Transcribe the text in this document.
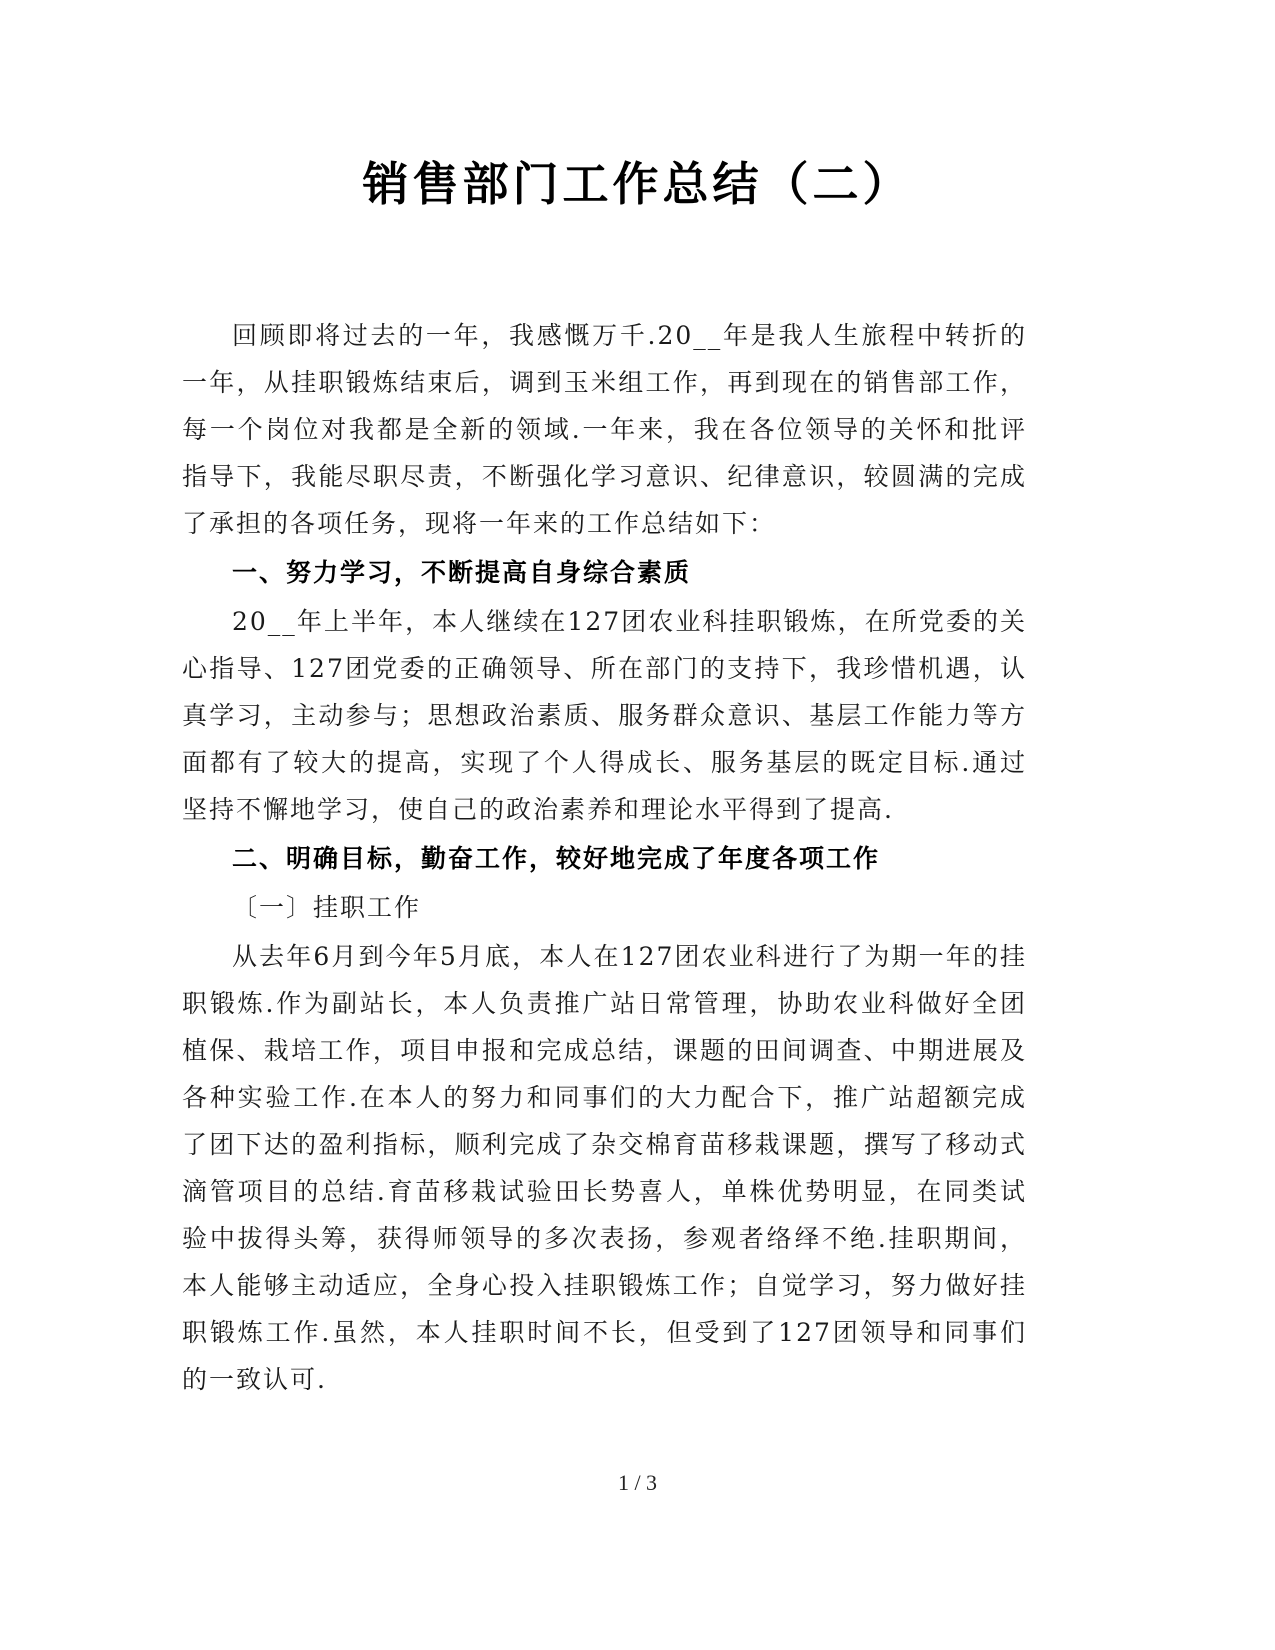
销售部门工作总结（二）

回顾即将过去的一年，我感慨万千.20__年是我人生旅程中转折的一年，从挂职锻炼结束后，调到玉米组工作，再到现在的销售部工作，每一个岗位对我都是全新的领域.一年来，我在各位领导的关怀和批评指导下，我能尽职尽责，不断强化学习意识、纪律意识，较圆满的完成了承担的各项任务，现将一年来的工作总结如下：

一、努力学习，不断提高自身综合素质

20__年上半年，本人继续在127团农业科挂职锻炼，在所党委的关心指导、127团党委的正确领导、所在部门的支持下，我珍惜机遇，认真学习，主动参与；思想政治素质、服务群众意识、基层工作能力等方面都有了较大的提高，实现了个人得成长、服务基层的既定目标.通过坚持不懈地学习，使自己的政治素养和理论水平得到了提高.

二、明确目标，勤奋工作，较好地完成了年度各项工作

〔一〕挂职工作

从去年6月到今年5月底，本人在127团农业科进行了为期一年的挂职锻炼.作为副站长，本人负责推广站日常管理，协助农业科做好全团植保、栽培工作，项目申报和完成总结，课题的田间调查、中期进展及各种实验工作.在本人的努力和同事们的大力配合下，推广站超额完成了团下达的盈利指标，顺利完成了杂交棉育苗移栽课题，撰写了移动式滴管项目的总结.育苗移栽试验田长势喜人，单株优势明显，在同类试验中拔得头筹，获得师领导的多次表扬，参观者络绎不绝.挂职期间，本人能够主动适应，全身心投入挂职锻炼工作；自觉学习，努力做好挂职锻炼工作.虽然，本人挂职时间不长，但受到了127团领导和同事们的一致认可.

1 / 3
